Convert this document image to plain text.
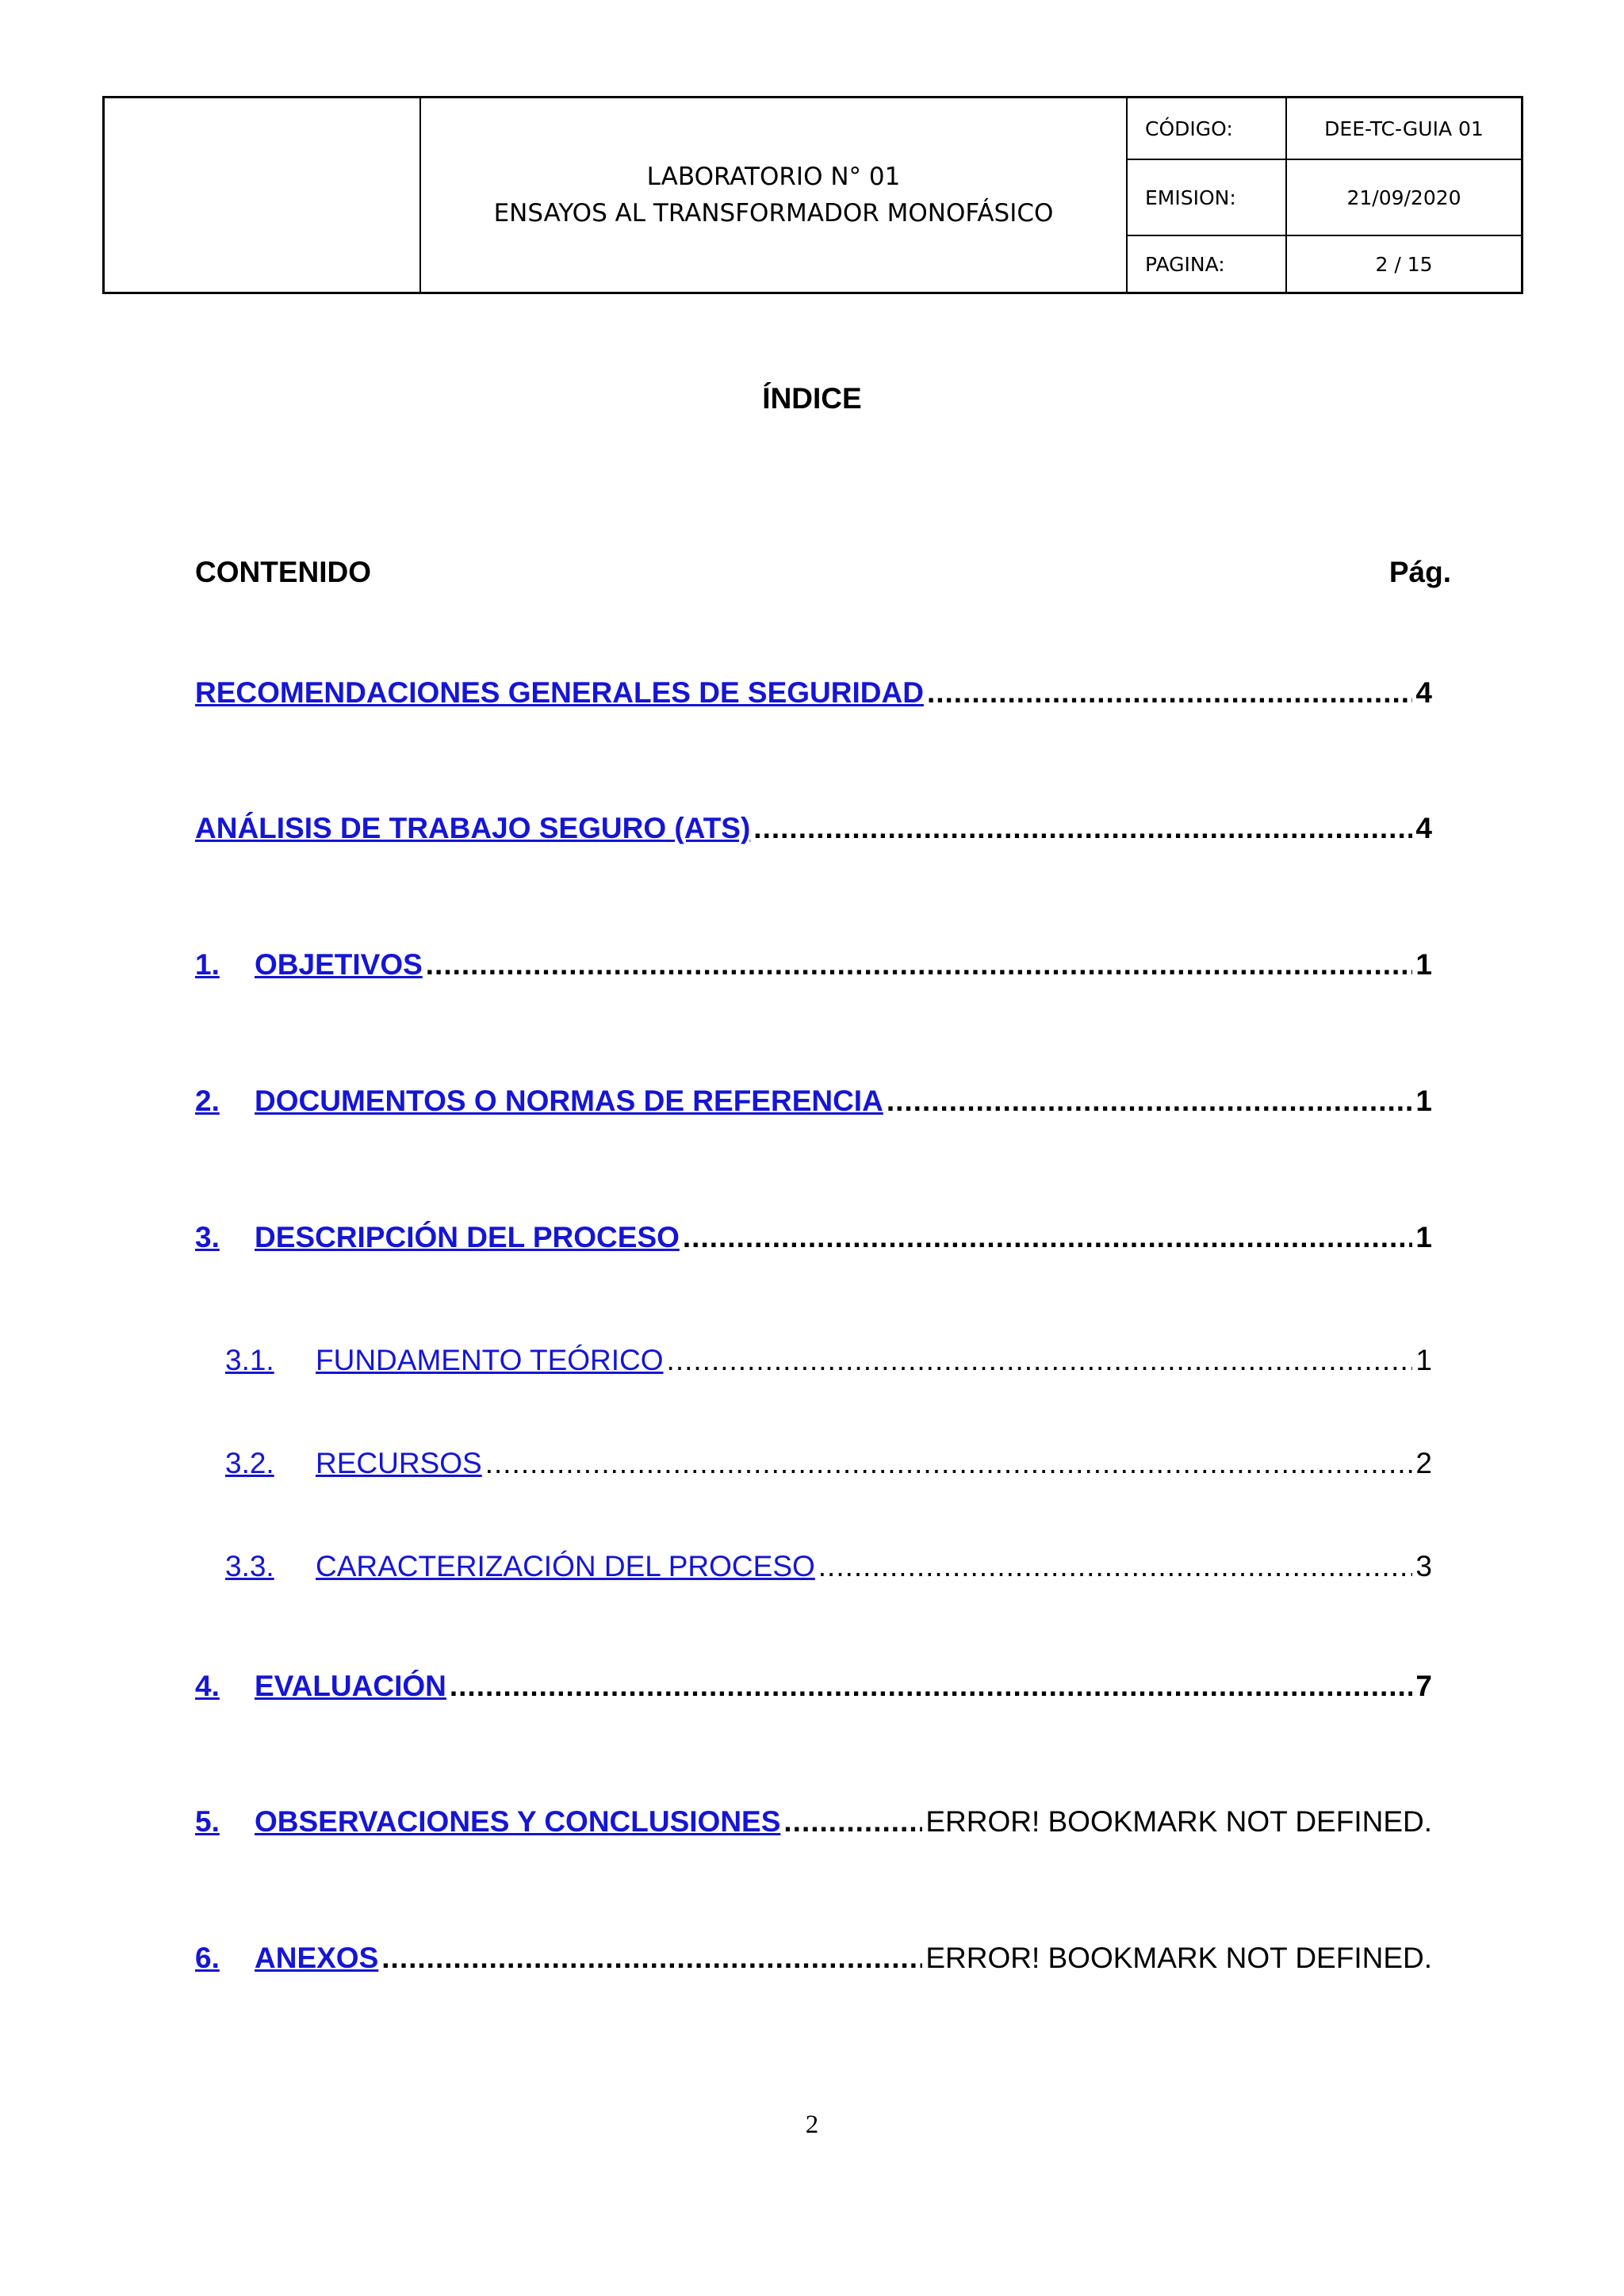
LABORATORIO N° 01
ENSAYOS AL TRANSFORMADOR MONOFÁSICO
CÓDIGO:	DEE-TC-GUIA 01
EMISION:	21/09/2020
PAGINA:	2 / 15
ÍNDICE
CONTENIDO	Pág.
RECOMENDACIONES GENERALES DE SEGURIDAD .....	4
ANÁLISIS DE TRABAJO SEGURO (ATS) .....	4
1.	OBJETIVOS .....	1
2.	DOCUMENTOS O NORMAS DE REFERENCIA .....	1
3.	DESCRIPCIÓN DEL PROCESO .....	1
3.1.	FUNDAMENTO TEÓRICO .....	1
3.2.	RECURSOS .....	2
3.3.	CARACTERIZACIÓN DEL PROCESO .....	3
4.	EVALUACIÓN .....	7
5.	OBSERVACIONES Y CONCLUSIONES .....	ERROR! BOOKMARK NOT DEFINED.
6.	ANEXOS .....	ERROR! BOOKMARK NOT DEFINED.
2
